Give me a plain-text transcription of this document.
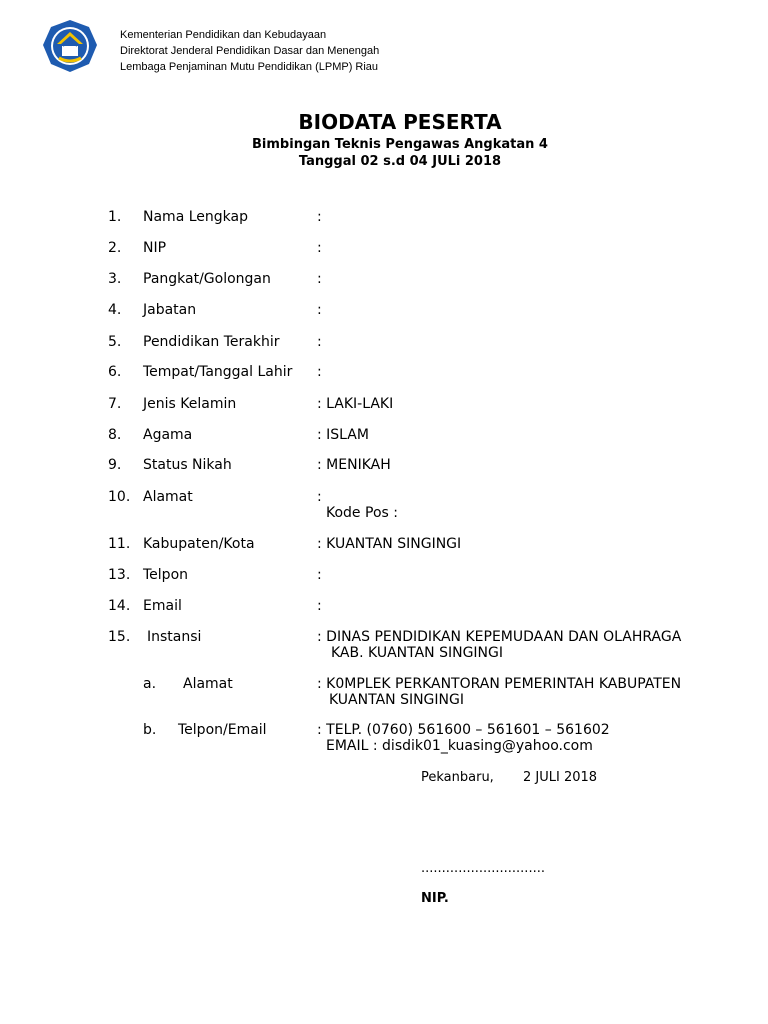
Kementerian Pendidikan dan Kebudayaan
Direktorat Jenderal Pendidikan Dasar dan Menengah
Lembaga Penjaminan Mutu Pendidikan (LPMP) Riau
BIODATA PESERTA
Bimbingan Teknis Pengawas Angkatan 4
Tanggal 02 s.d 04 JULi 2018
1. Nama Lengkap	:
2. NIP	:
3. Pangkat/Golongan	:
4. Jabatan	:
5. Pendidikan Terakhir	:
6. Tempat/Tanggal Lahir :
7. Jenis Kelamin	: LAKI-LAKI
8. Agama	: ISLAM
9. Status Nikah	: MENIKAH
10. Alamat	:
Kode Pos :
11. Kabupaten/Kota	: KUANTAN SINGINGI
13. Telpon	:
14. Email	:
15. Instansi	: DINAS PENDIDIKAN KEPEMUDAAN DAN OLAHRAGA
KAB. KUANTAN SINGINGI
a. Alamat	: K0MPLEK PERKANTORAN PEMERINTAH KABUPATEN
KUANTAN SINGINGI
b. Telpon/Email	: TELP. (0760) 561600 – 561601 – 561602
EMAIL : disdik01_kuasing@yahoo.com
Pekanbaru, 2 JULI 2018
..............................
NIP.
